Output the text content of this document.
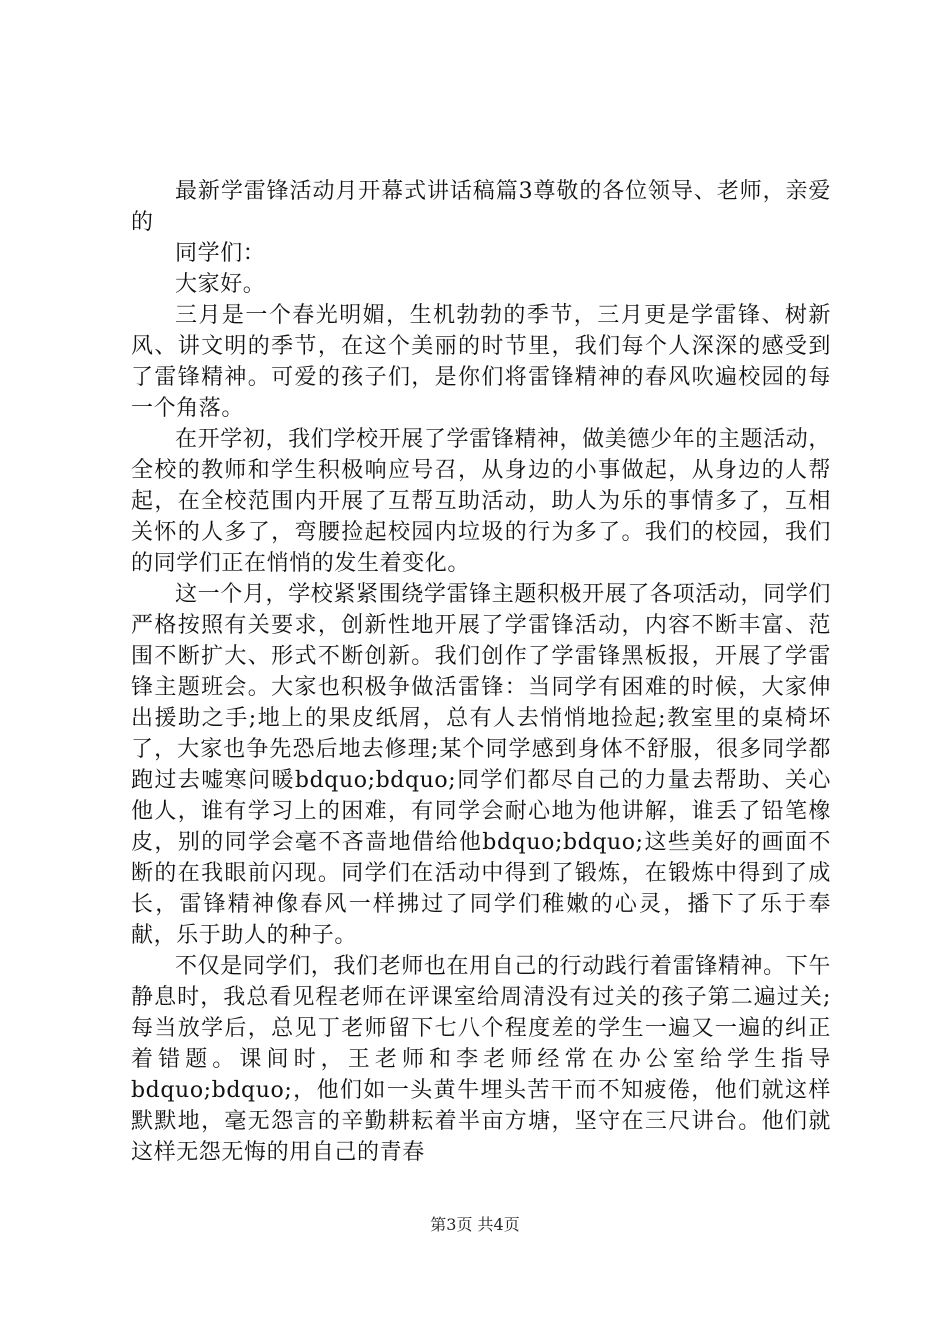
最新学雷锋活动月开幕式讲话稿篇3尊敬的各位领导、老师，亲爱的

同学们：

大家好。

三月是一个春光明媚，生机勃勃的季节，三月更是学雷锋、树新风、讲文明的季节，在这个美丽的时节里，我们每个人深深的感受到了雷锋精神。可爱的孩子们，是你们将雷锋精神的春风吹遍校园的每一个角落。

在开学初，我们学校开展了学雷锋精神，做美德少年的主题活动，全校的教师和学生积极响应号召，从身边的小事做起，从身边的人帮起，在全校范围内开展了互帮互助活动，助人为乐的事情多了，互相关怀的人多了，弯腰捡起校园内垃圾的行为多了。我们的校园，我们的同学们正在悄悄的发生着变化。

这一个月，学校紧紧围绕学雷锋主题积极开展了各项活动，同学们严格按照有关要求，创新性地开展了学雷锋活动，内容不断丰富、范围不断扩大、形式不断创新。我们创作了学雷锋黑板报，开展了学雷锋主题班会。大家也积极争做活雷锋：当同学有困难的时候，大家伸出援助之手;地上的果皮纸屑，总有人去悄悄地捡起;教室里的桌椅坏了，大家也争先恐后地去修理;某个同学感到身体不舒服，很多同学都跑过去嘘寒问暖bdquo;bdquo;同学们都尽自己的力量去帮助、关心他人，谁有学习上的困难，有同学会耐心地为他讲解，谁丢了铅笔橡皮，别的同学会毫不吝啬地借给他bdquo;bdquo;这些美好的画面不断的在我眼前闪现。同学们在活动中得到了锻炼，在锻炼中得到了成长，雷锋精神像春风一样拂过了同学们稚嫩的心灵，播下了乐于奉献，乐于助人的种子。

不仅是同学们，我们老师也在用自己的行动践行着雷锋精神。下午静息时，我总看见程老师在评课室给周清没有过关的孩子第二遍过关;每当放学后，总见丁老师留下七八个程度差的学生一遍又一遍的纠正着错题。课间时，王老师和李老师经常在办公室给学生指导bdquo;bdquo;，他们如一头黄牛埋头苦干而不知疲倦，他们就这样默默地，毫无怨言的辛勤耕耘着半亩方塘，坚守在三尺讲台。他们就这样无怨无悔的用自己的青春

第3页 共4页
